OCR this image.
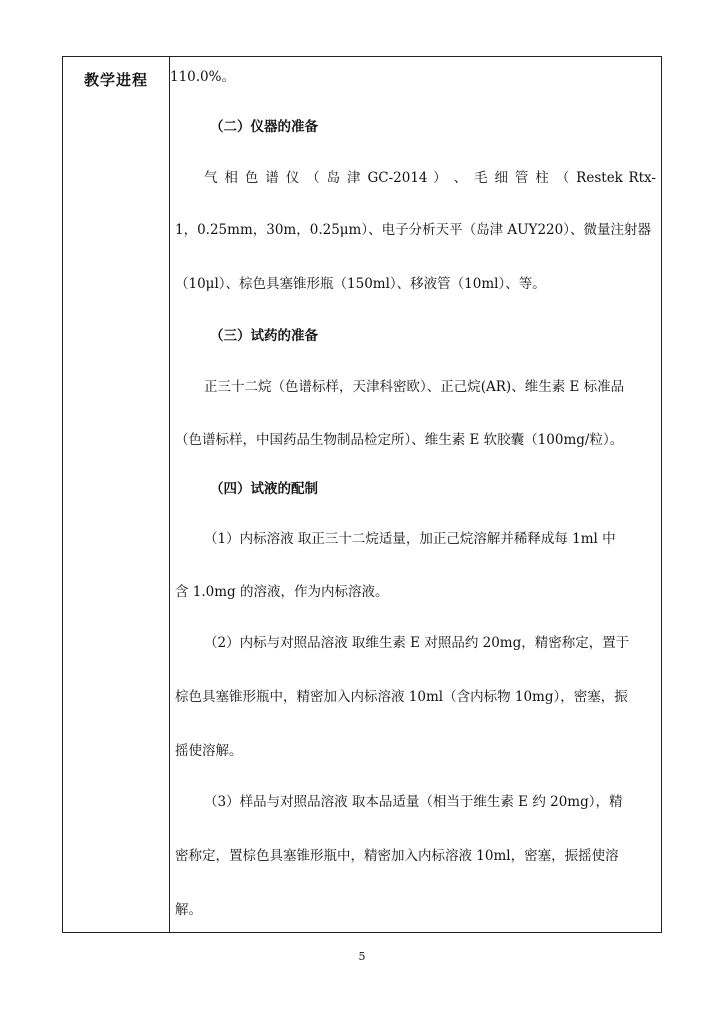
教学进程	110.0%。
（二）仪器的准备
气 相 色 谱 仪 （ 岛 津 GC-2014 ） 、 毛 细 管 柱 （ Restek Rtx-
1，0.25mm，30m，0.25μm）、电子分析天平（岛津 AUY220）、微量注射器
（10μl）、棕色具塞锥形瓶（150ml）、移液管（10ml）、等。
（三）试药的准备
正三十二烷（色谱标样，天津科密欧）、正己烷(AR)、维生素 E 标准品
（色谱标样，中国药品生物制品检定所）、维生素 E 软胶囊（100mg/粒）。
（四）试液的配制
（1）内标溶液 取正三十二烷适量，加正己烷溶解并稀释成每 1ml 中
含 1.0mg 的溶液，作为内标溶液。
（2）内标与对照品溶液 取维生素 E 对照品约 20mg，精密称定，置于
棕色具塞锥形瓶中，精密加入内标溶液 10ml（含内标物 10mg），密塞，振
摇使溶解。
（3）样品与对照品溶液 取本品适量（相当于维生素 E 约 20mg），精
密称定，置棕色具塞锥形瓶中，精密加入内标溶液 10ml，密塞，振摇使溶
解。
5
